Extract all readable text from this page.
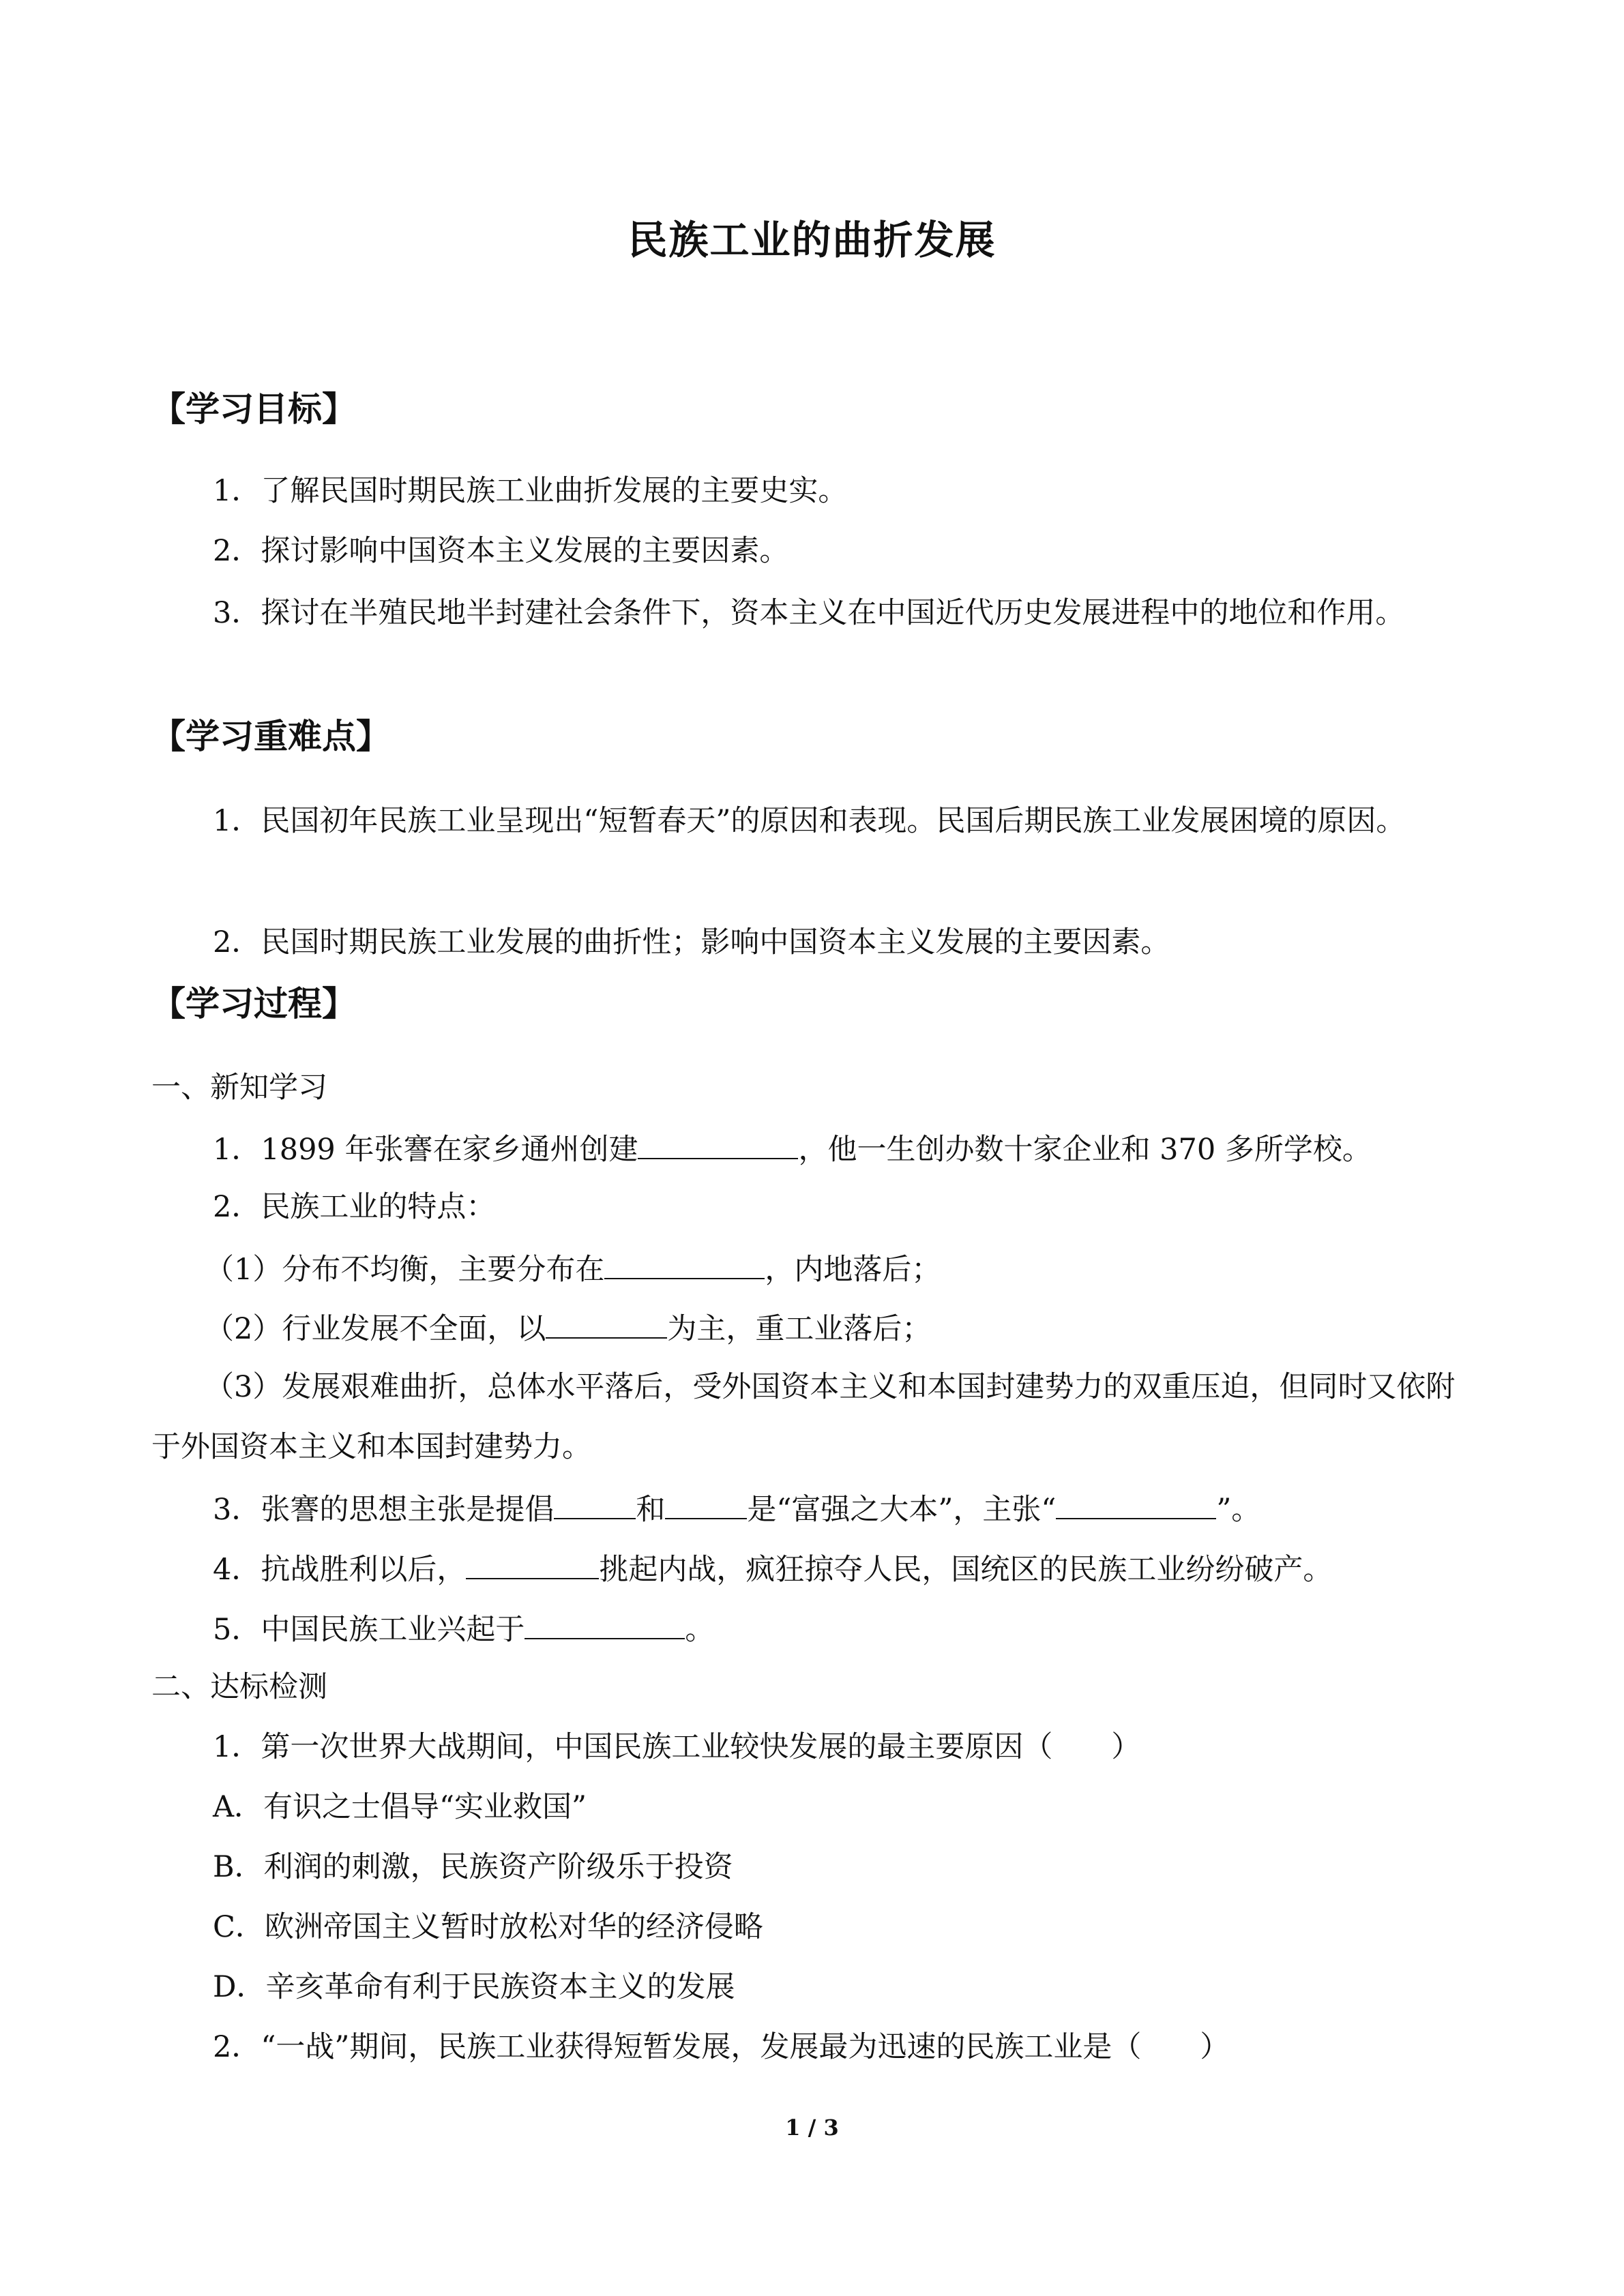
民族工业的曲折发展
【学习目标】
1．了解民国时期民族工业曲折发展的主要史实。
2．探讨影响中国资本主义发展的主要因素。
3．探讨在半殖民地半封建社会条件下，资本主义在中国近代历史发展进程中的地位和作用。
【学习重难点】
1．民国初年民族工业呈现出“短暂春天”的原因和表现。民国后期民族工业发展困境的原因。
2．民国时期民族工业发展的曲折性；影响中国资本主义发展的主要因素。
【学习过程】
一、新知学习
1．1899 年张謇在家乡通州创建	，他一生创办数十家企业和 370 多所学校。
2．民族工业的特点：
（1）分布不均衡，主要分布在	，内地落后；
（2）行业发展不全面，以	为主，重工业落后；
（3）发展艰难曲折，总体水平落后，受外国资本主义和本国封建势力的双重压迫，但同时又依附于外国资本主义和本国封建势力。
3．张謇的思想主张是提倡	和	是“富强之大本”，主张“	”。
4．抗战胜利以后，	挑起内战，疯狂掠夺人民，国统区的民族工业纷纷破产。
5．中国民族工业兴起于	。
二、达标检测
1．第一次世界大战期间，中国民族工业较快发展的最主要原因（　　）
A．有识之士倡导“实业救国”
B．利润的刺激，民族资产阶级乐于投资
C．欧洲帝国主义暂时放松对华的经济侵略
D．辛亥革命有利于民族资本主义的发展
2．“一战”期间，民族工业获得短暂发展，发展最为迅速的民族工业是（　　）
1 / 3
